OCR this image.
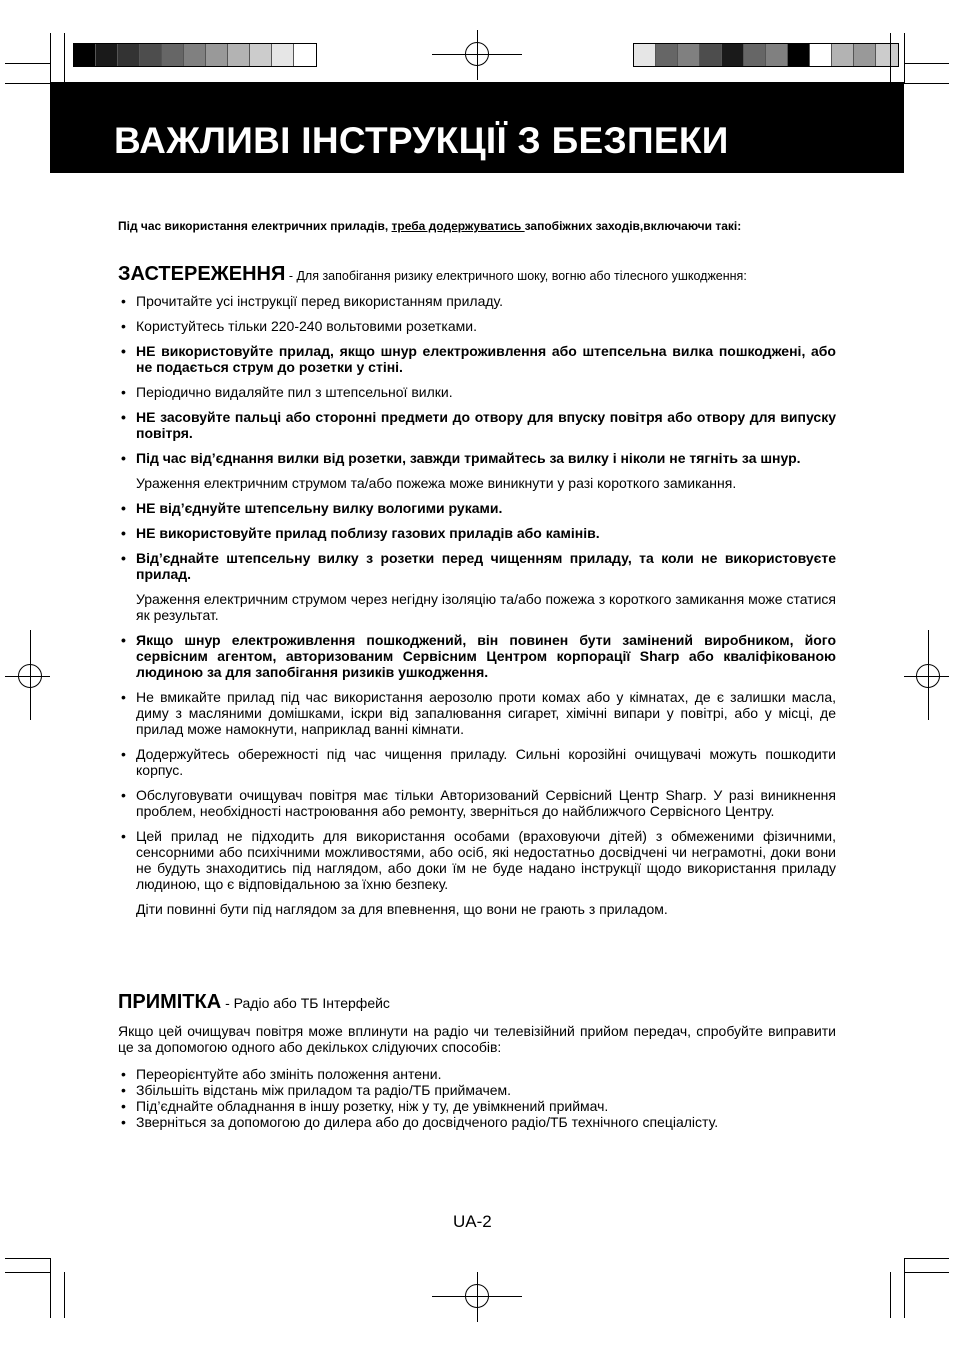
ВАЖЛИВІ ІНСТРУКЦІЇ З БЕЗПЕКИ
Під час використання електричних приладів, треба додержуватись запобіжних заходів,включаючи такі:
ЗАСТЕРЕЖЕННЯ - Для запобігання ризику електричного шоку, вогню або тілесного ушкодження:
• Прочитайте усі інструкції перед використанням приладу.
• Користуйтесь тільки 220-240 вольтовими розетками.
• НЕ використовуйте прилад, якщо шнур електроживлення або штепсельна вилка пошкоджені, або не подається струм до розетки у стіні.
• Періодично видаляйте пил з штепсельної вилки.
• НЕ засовуйте пальці або сторонні предмети до отвору для впуску повітря або отвору для випуску повітря.
• Під час від’єднання вилки від розетки, завжди тримайтесь за вилку і ніколи не тягніть за шнур.
Ураження електричним струмом та/або пожежа може виникнути у разі короткого замикання.
• НЕ від’єднуйте штепсельну вилку вологими руками.
• НЕ використовуйте прилад поблизу газових приладів або камінів.
• Від’єднайте штепсельну вилку з розетки перед чищенням приладу, та коли не використовуєте прилад.
Ураження електричним струмом через негідну ізоляцію та/або пожежа з короткого замикання може статися як результат.
• Якщо шнур електроживлення пошкоджений, він повинен бути замінений виробником, його сервісним агентом, авторизованим Сервісним Центром корпорації Sharp або кваліфікованою людиною за для запобігання ризиків ушкодження.
• Не вмикайте прилад під час використання аерозолю проти комах або у кімнатах, де є залишки масла, диму з масляними домішками, іскри від запалювання сигарет, хімічні випари у повітрі, або у місці, де прилад може намокнути, наприклад ванні кімнати.
• Додержуйтесь обережності під час чищення приладу. Сильні корозійні очищувачі можуть пошкодити корпус.
• Обслуговувати очищувач повітря має тільки Авторизований Сервісний Центр Sharp. У разі виникнення проблем, необхідності настроювання або ремонту, зверніться до найближчого Сервісного Центру.
• Цей прилад не підходить для використання особами (враховуючи дітей) з обмеженими фізичними, сенсорними або психічними можливостями, або осіб, які недостатньо досвідчені чи неграмотні, доки вони не будуть знаходитись під наглядом, або доки їм не буде надано інструкції щодо використання приладу людиною, що є відповідальною за їхню безпеку.
Діти повинні бути під наглядом за для впевнення, що вони не грають з приладом.
ПРИМІТКА - Радіо або ТБ Інтерфейс
Якщо цей очищувач повітря може вплинути на радіо чи телевізійний прийом передач, спробуйте виправити це за допомогою одного або декількох слідуючих способів:
• Переорієнтуйте або змініть положення антени.
• Збільшіть відстань між приладом та радіо/ТБ приймачем.
• Під’єднайте обладнання в іншу розетку, ніж у ту, де увімкнений приймач.
• Зверніться за допомогою до дилера або до досвідченого радіо/ТБ технічного спеціалісту.
UA-2
